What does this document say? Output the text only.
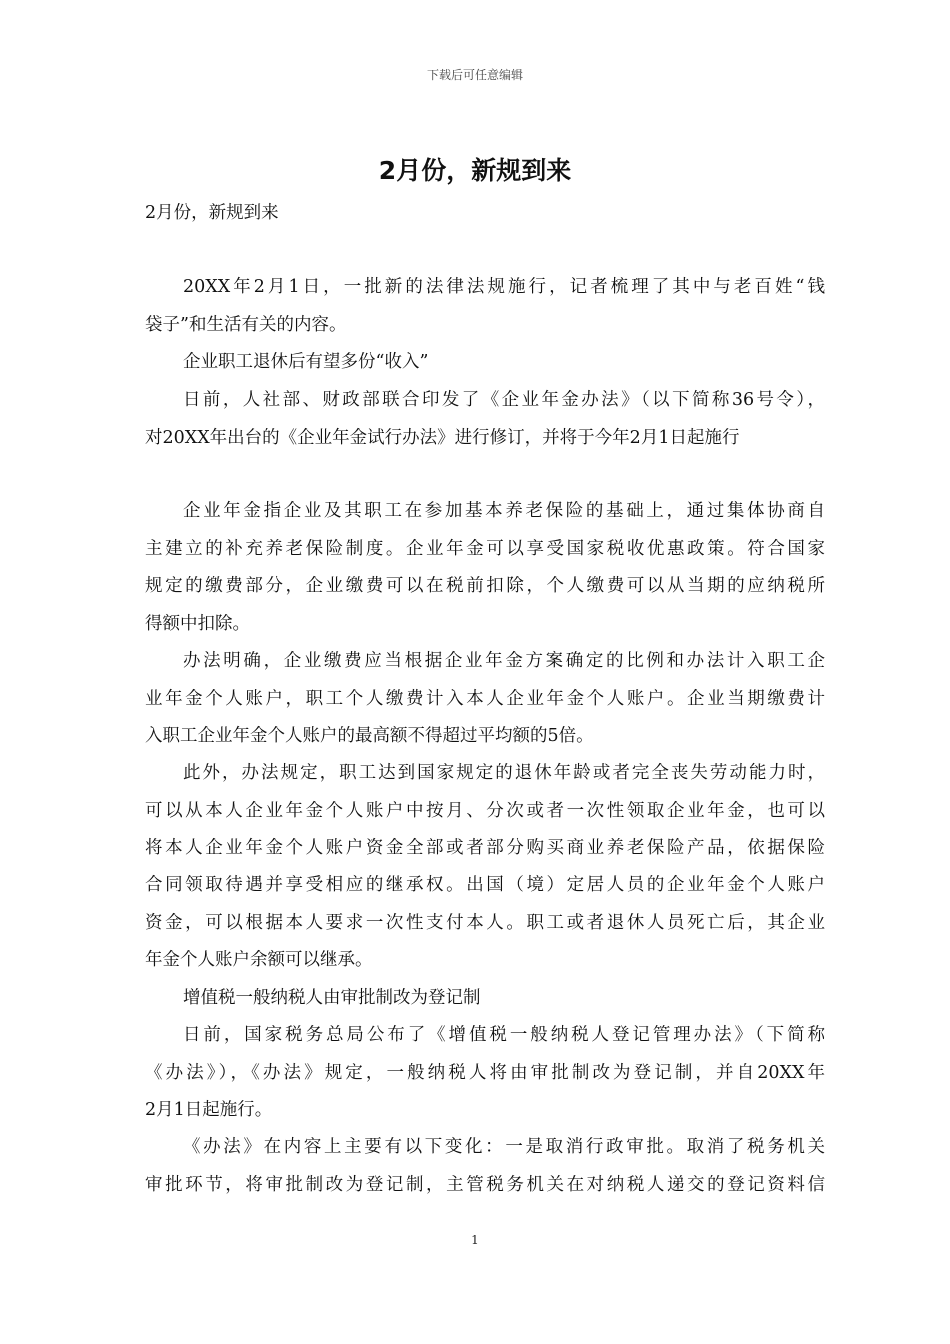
下载后可任意编辑
2月份，新规到来
2月份，新规到来
20XX年2月1日，一批新的法律法规施行，记者梳理了其中与老百姓“钱
袋子”和生活有关的内容。
企业职工退休后有望多份“收入”
日前，人社部、财政部联合印发了《企业年金办法》（以下简称36号令），
对20XX年出台的《企业年金试行办法》进行修订，并将于今年2月1日起施行
企业年金指企业及其职工在参加基本养老保险的基础上，通过集体协商自
主建立的补充养老保险制度。企业年金可以享受国家税收优惠政策。符合国家
规定的缴费部分，企业缴费可以在税前扣除，个人缴费可以从当期的应纳税所
得额中扣除。
办法明确，企业缴费应当根据企业年金方案确定的比例和办法计入职工企
业年金个人账户，职工个人缴费计入本人企业年金个人账户。企业当期缴费计
入职工企业年金个人账户的最高额不得超过平均额的5倍。
此外，办法规定，职工达到国家规定的退休年龄或者完全丧失劳动能力时，
可以从本人企业年金个人账户中按月、分次或者一次性领取企业年金，也可以
将本人企业年金个人账户资金全部或者部分购买商业养老保险产品，依据保险
合同领取待遇并享受相应的继承权。出国（境）定居人员的企业年金个人账户
资金，可以根据本人要求一次性支付本人。职工或者退休人员死亡后，其企业
年金个人账户余额可以继承。
增值税一般纳税人由审批制改为登记制
日前，国家税务总局公布了《增值税一般纳税人登记管理办法》（下简称
《办法》），《办法》规定，一般纳税人将由审批制改为登记制，并自20XX年
2月1日起施行。
《办法》在内容上主要有以下变化：一是取消行政审批。取消了税务机关
审批环节，将审批制改为登记制，主管税务机关在对纳税人递交的登记资料信
1
